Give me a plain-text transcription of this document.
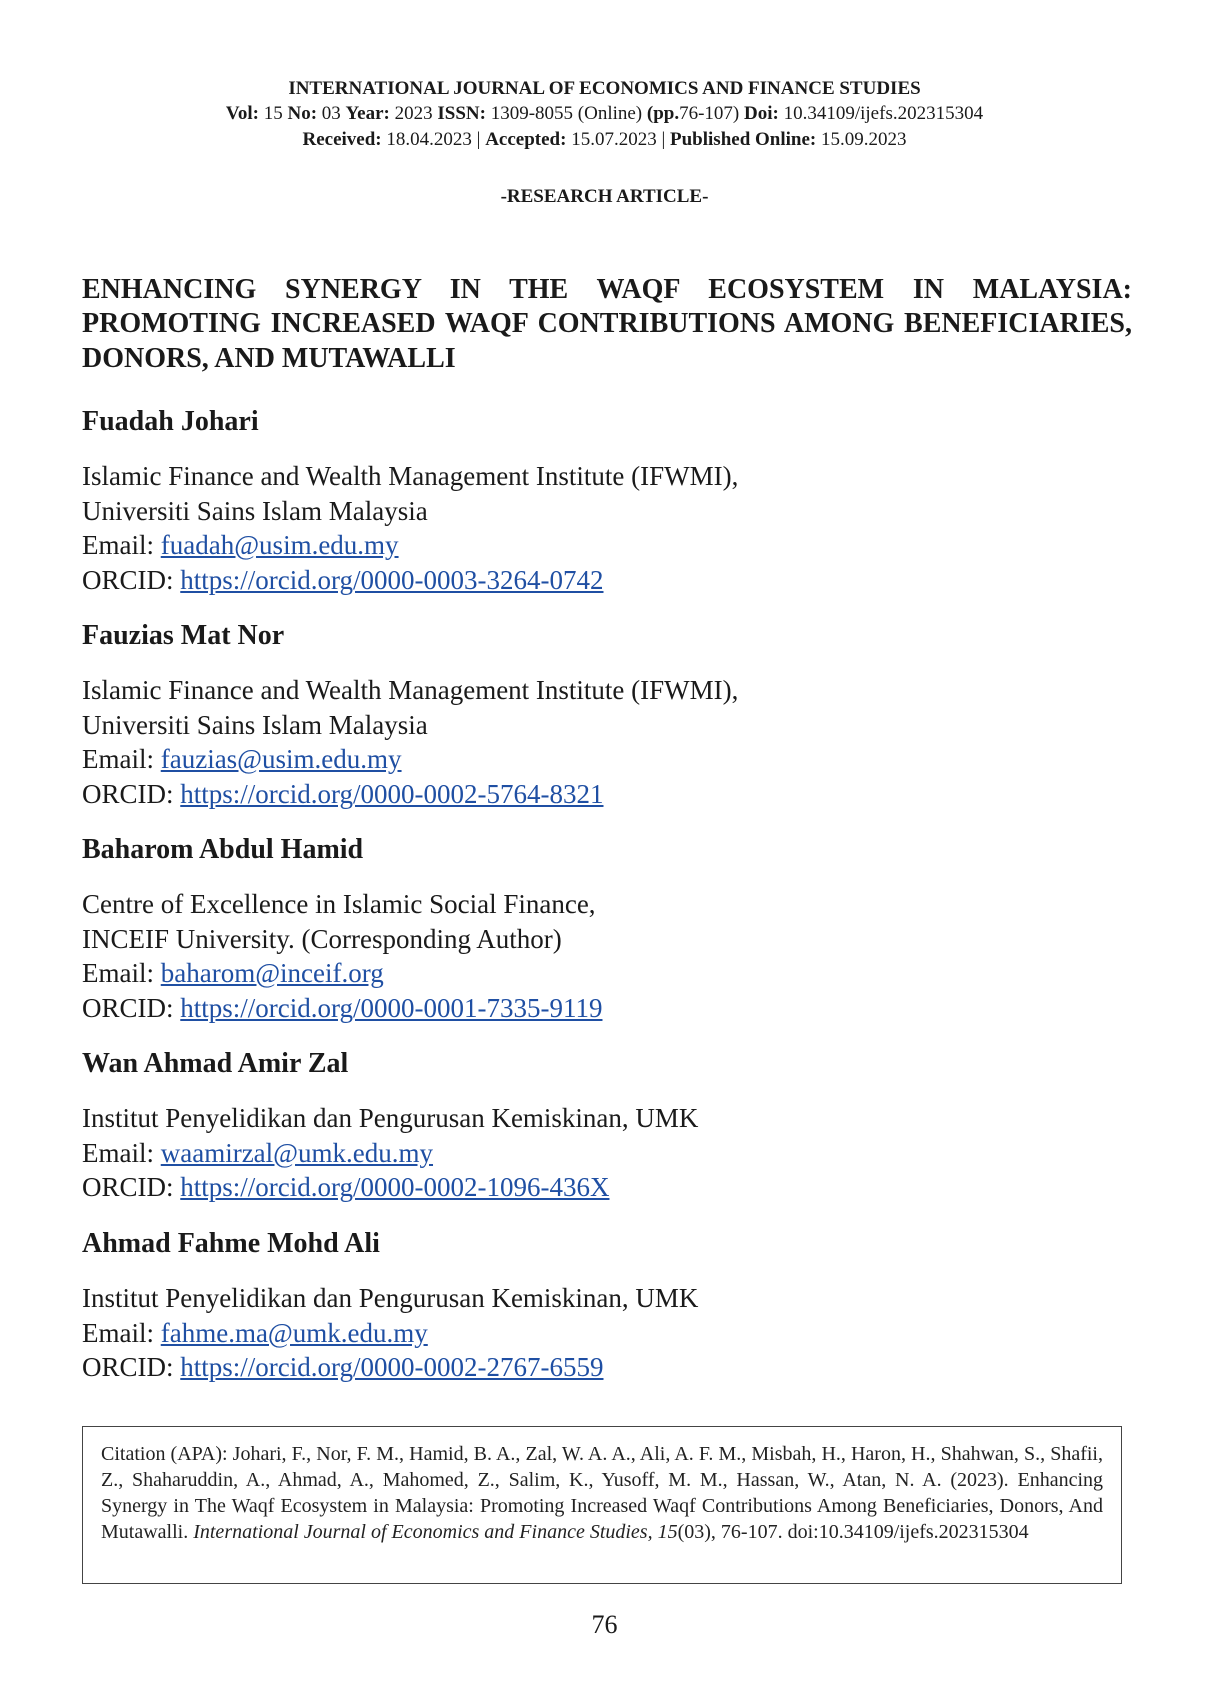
INTERNATIONAL JOURNAL OF ECONOMICS AND FINANCE STUDIES
Vol: 15 No: 03 Year: 2023 ISSN: 1309-8055 (Online) (pp.76-107) Doi: 10.34109/ijefs.202315304
Received: 18.04.2023 | Accepted: 15.07.2023 | Published Online: 15.09.2023
-RESEARCH ARTICLE-
ENHANCING SYNERGY IN THE WAQF ECOSYSTEM IN MALAYSIA:
PROMOTING INCREASED WAQF CONTRIBUTIONS AMONG BENEFICIARIES,
DONORS, AND MUTAWALLI
Fuadah Johari
Islamic Finance and Wealth Management Institute (IFWMI),
Universiti Sains Islam Malaysia
Email: fuadah@usim.edu.my
ORCID: https://orcid.org/0000-0003-3264-0742
Fauzias Mat Nor
Islamic Finance and Wealth Management Institute (IFWMI),
Universiti Sains Islam Malaysia
Email: fauzias@usim.edu.my
ORCID: https://orcid.org/0000-0002-5764-8321
Baharom Abdul Hamid
Centre of Excellence in Islamic Social Finance,
INCEIF University. (Corresponding Author)
Email: baharom@inceif.org
ORCID: https://orcid.org/0000-0001-7335-9119
Wan Ahmad Amir Zal
Institut Penyelidikan dan Pengurusan Kemiskinan, UMK
Email: waamirzal@umk.edu.my
ORCID: https://orcid.org/0000-0002-1096-436X
Ahmad Fahme Mohd Ali
Institut Penyelidikan dan Pengurusan Kemiskinan, UMK
Email: fahme.ma@umk.edu.my
ORCID: https://orcid.org/0000-0002-2767-6559
Citation (APA): Johari, F., Nor, F. M., Hamid, B. A., Zal, W. A. A., Ali, A. F. M., Misbah, H., Haron, H., Shahwan, S., Shafii, Z., Shaharuddin, A., Ahmad, A., Mahomed, Z., Salim, K., Yusoff, M. M., Hassan, W., Atan, N. A. (2023). Enhancing Synergy in The Waqf Ecosystem in Malaysia: Promoting Increased Waqf Contributions Among Beneficiaries, Donors, And Mutawalli. International Journal of Economics and Finance Studies, 15(03), 76-107. doi:10.34109/ijefs.202315304
76
